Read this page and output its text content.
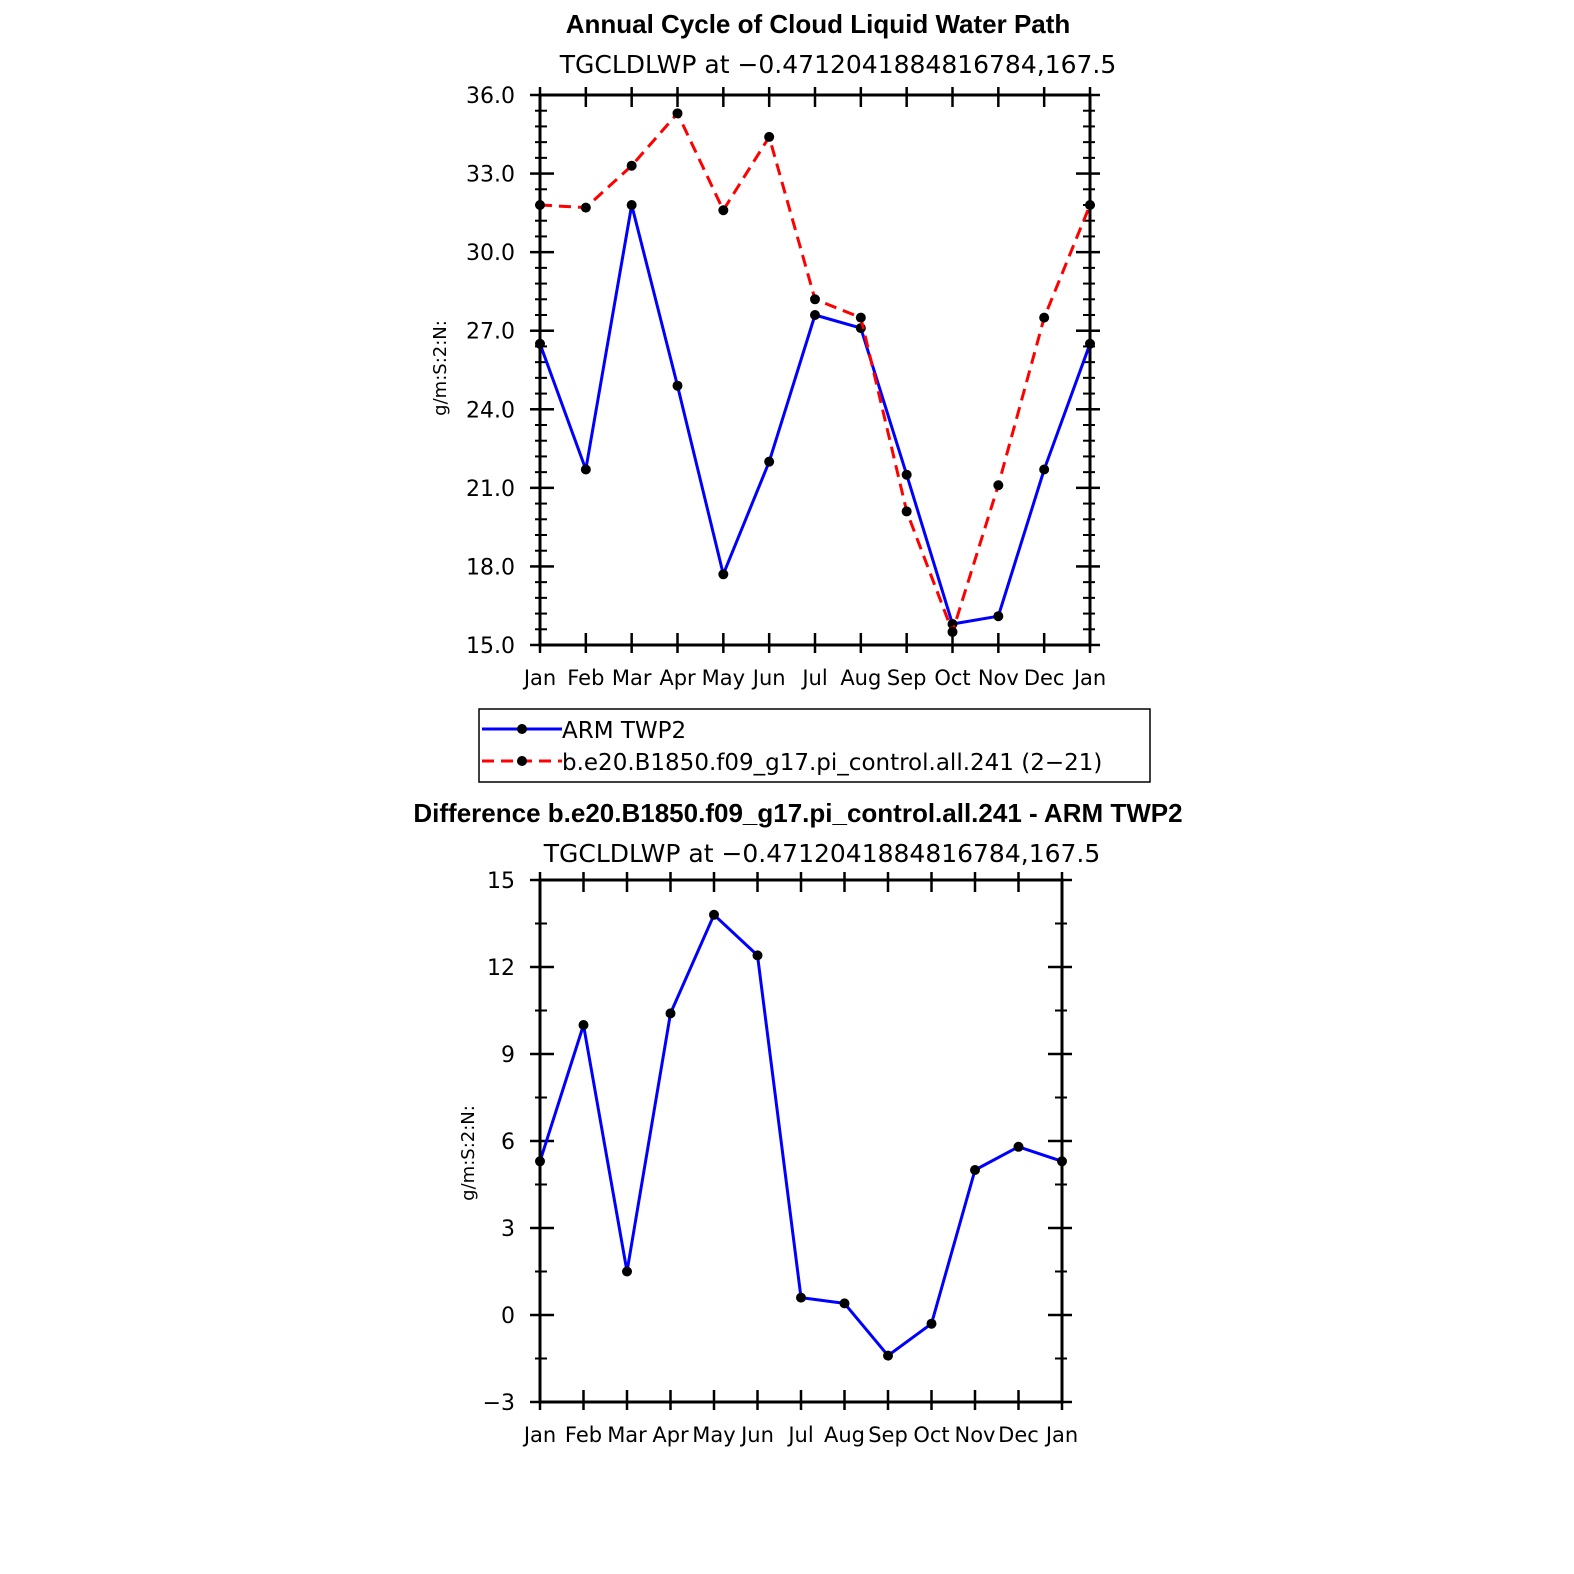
Annual Cycle of Cloud Liquid Water Path
TGCLDLWP at −0.4712041884816784,167.5
g/m:S:2:N:
15.0
18.0
21.0
24.0
27.0
30.0
33.0
36.0
Jan Feb Mar Apr May Jun Jul Aug Sep Oct Nov Dec Jan
ARM TWP2
b.e20.B1850.f09_g17.pi_control.all.241 (2−21)
Difference b.e20.B1850.f09_g17.pi_control.all.241 - ARM TWP2
TGCLDLWP at −0.4712041884816784,167.5
g/m:S:2:N:
−3
0
3
6
9
12
15
Jan Feb Mar Apr May Jun Jul Aug Sep Oct Nov Dec Jan
